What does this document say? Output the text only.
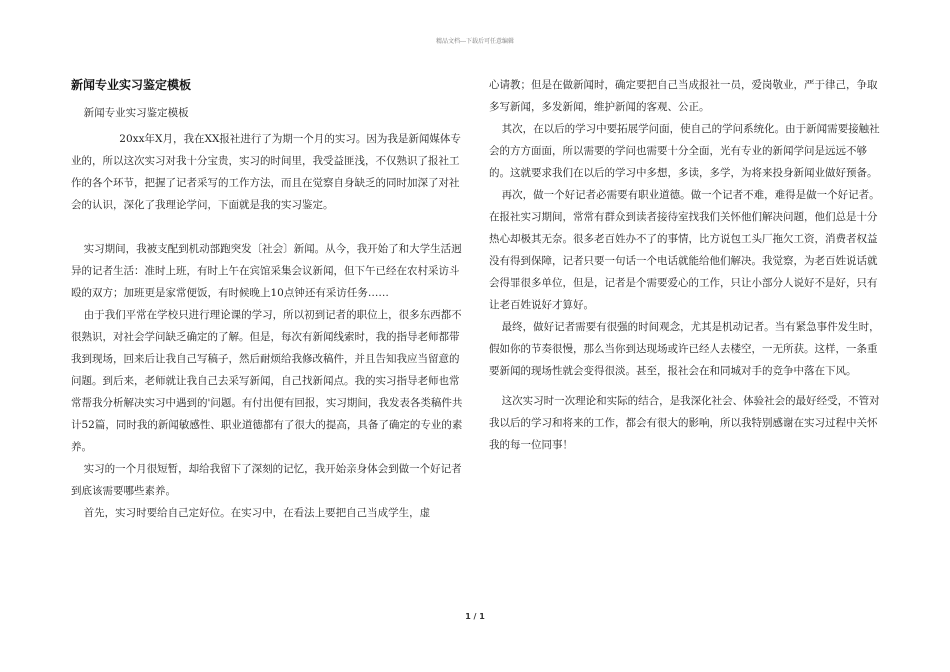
精品文档---下载后可任意编辑

新闻专业实习鉴定模板

新闻专业实习鉴定模板

20xx年X月，我在XX报社进行了为期一个月的实习。因为我是新闻媒体专业的，所以这次实习对我十分宝贵，实习的时间里，我受益匪浅，不仅熟识了报社工作的各个环节，把握了记者采写的工作方法，而且在觉察自身缺乏的同时加深了对社会的认识，深化了我理论学问，下面就是我的实习鉴定。

实习期间，我被支配到机动部跑突发〔社会〕新闻。从今，我开始了和大学生活迥异的记者生活：准时上班，有时上午在宾馆采集会议新闻，但下午已经在农村采访斗殴的双方；加班更是家常便饭，有时候晚上10点钟还有采访任务……

由于我们平常在学校只进行理论课的学习，所以初到记者的职位上，很多东西都不很熟识，对社会学问缺乏确定的了解。但是，每次有新闻线索时，我的指导老师都带我到现场，回来后让我自己写稿子，然后耐烦给我修改稿件，并且告知我应当留意的问题。到后来，老师就让我自己去采写新闻，自己找新闻点。我的实习指导老师也常常帮我分析解决实习中遇到的'问题。有付出便有回报，实习期间，我发表各类稿件共计52篇，同时我的新闻敏感性、职业道德都有了很大的提高，具备了确定的专业的素养。

实习的一个月很短暂，却给我留下了深刻的记忆，我开始亲身体会到做一个好记者到底该需要哪些素养。

首先，实习时要给自己定好位。在实习中，在看法上要把自己当成学生，虚

心请教；但是在做新闻时，确定要把自己当成报社一员，爱岗敬业，严于律己，争取多写新闻，多发新闻，维护新闻的客观、公正。

其次，在以后的学习中要拓展学问面，使自己的学问系统化。由于新闻需要接触社会的方方面面，所以需要的学问也需要十分全面，光有专业的新闻学问是远远不够的。这就要求我们在以后的学习中多想，多读，多学，为将来投身新闻业做好预备。

再次，做一个好记者必需要有职业道德。做一个记者不难，难得是做一个好记者。在报社实习期间，常常有群众到读者接待室找我们关怀他们解决问题，他们总是十分热心却极其无奈。很多老百姓办不了的事情，比方说包工头厂拖欠工资，消费者权益没有得到保障，记者只要一句话一个电话就能给他们解决。我觉察，为老百姓说话就会得罪很多单位，但是，记者是个需要爱心的工作，只让小部分人说好不是好，只有让老百姓说好才算好。

最终，做好记者需要有很强的时间观念，尤其是机动记者。当有紧急事件发生时，假如你的节奏很慢，那么当你到达现场或许已经人去楼空，一无所获。这样，一条重要新闻的现场性就会变得很淡。甚至，报社会在和同城对手的竞争中落在下风。

这次实习时一次理论和实际的结合，是我深化社会、体验社会的最好经受，不管对我以后的学习和将来的工作，都会有很大的影响，所以我特别感谢在实习过程中关怀我的每一位同事！

1 / 1
